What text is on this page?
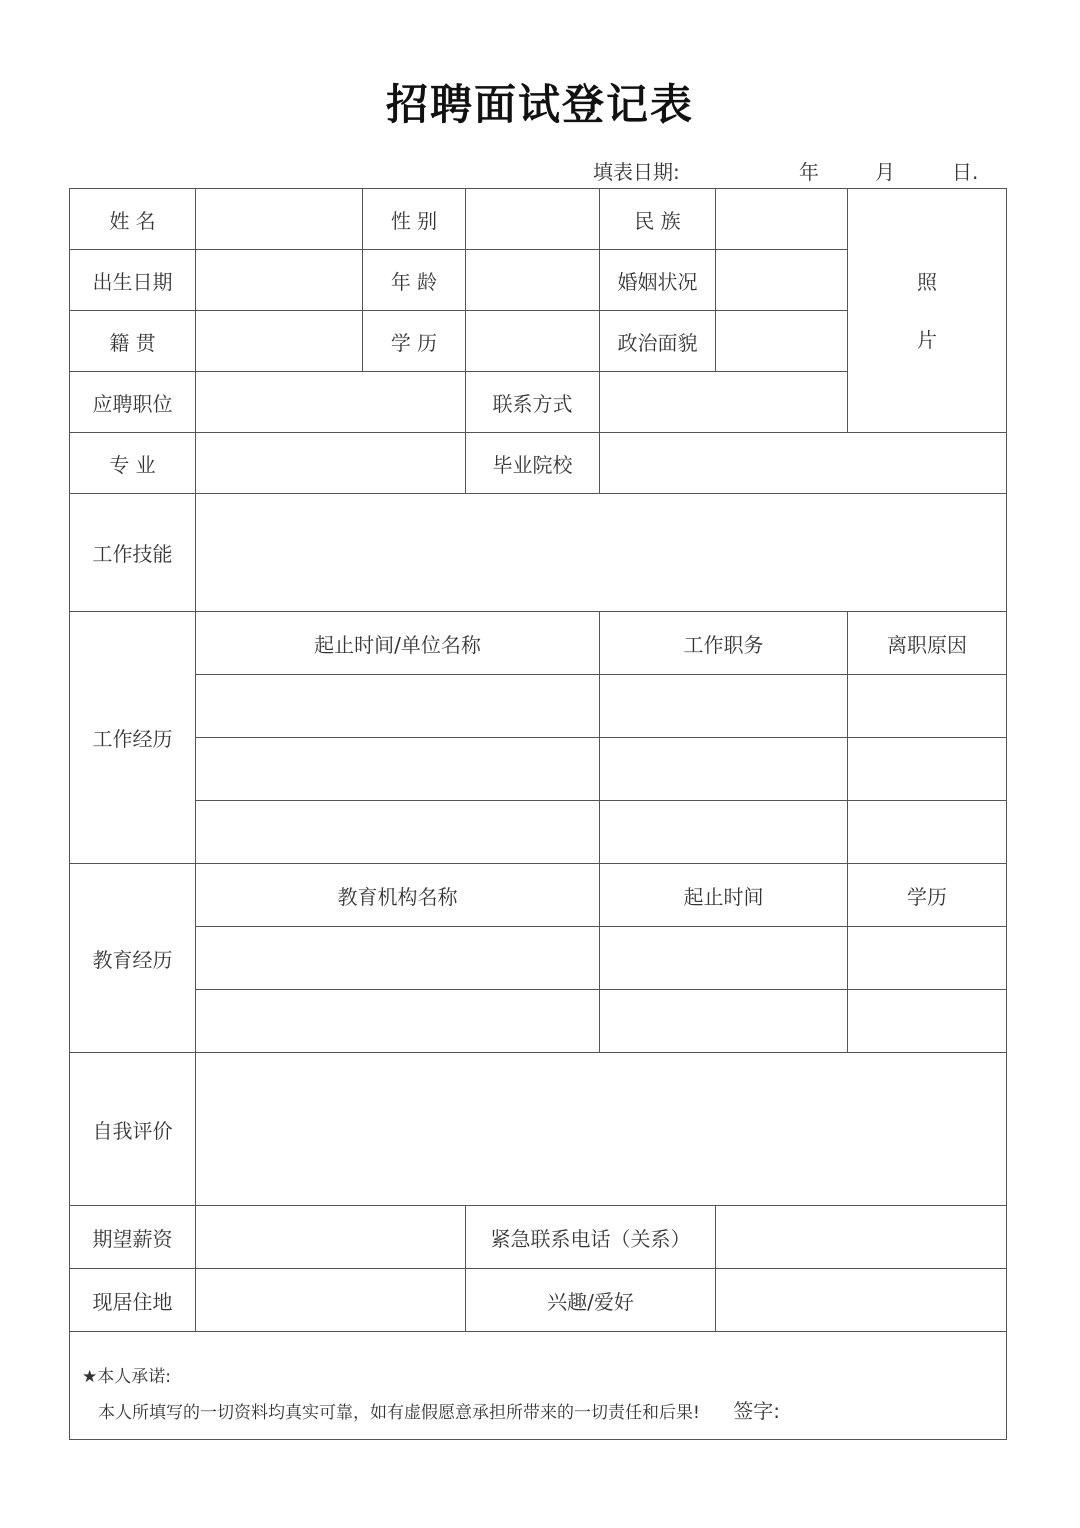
招聘面试登记表
填表日期:	年	月	日.
姓 名		性 别		民 族		照
片

出生日期		年 龄		婚姻状况		
籍 贯		学 历		政治面貌		
应聘职位			联系方式			
专 业			毕业院校			
工作技能						
工作经历	起止时间/单位名称			工作职务		离职原因

教育经历	教育机构名称			起止时间		学历

自我评价						
期望薪资			紧急联系电话（关系）			
现居住地			兴趣/爱好			

★本人承诺:
本人所填写的一切资料均真实可靠，如有虚假愿意承担所带来的一切责任和后果! 签字:						
